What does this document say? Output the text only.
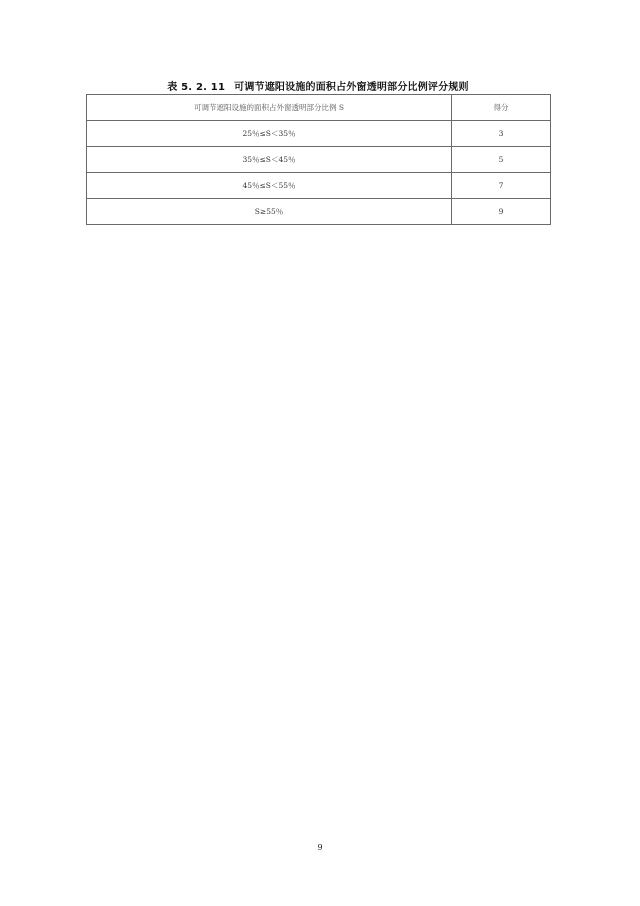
表 5. 2. 11 可调节遮阳设施的面积占外窗透明部分比例评分规则
可调节遮阳设施的面积占外窗透明部分比例 S	得分
25％≤S＜35％	3
35％≤S＜45％	5
45％≤S＜55％	7
S≥55％	9
9
